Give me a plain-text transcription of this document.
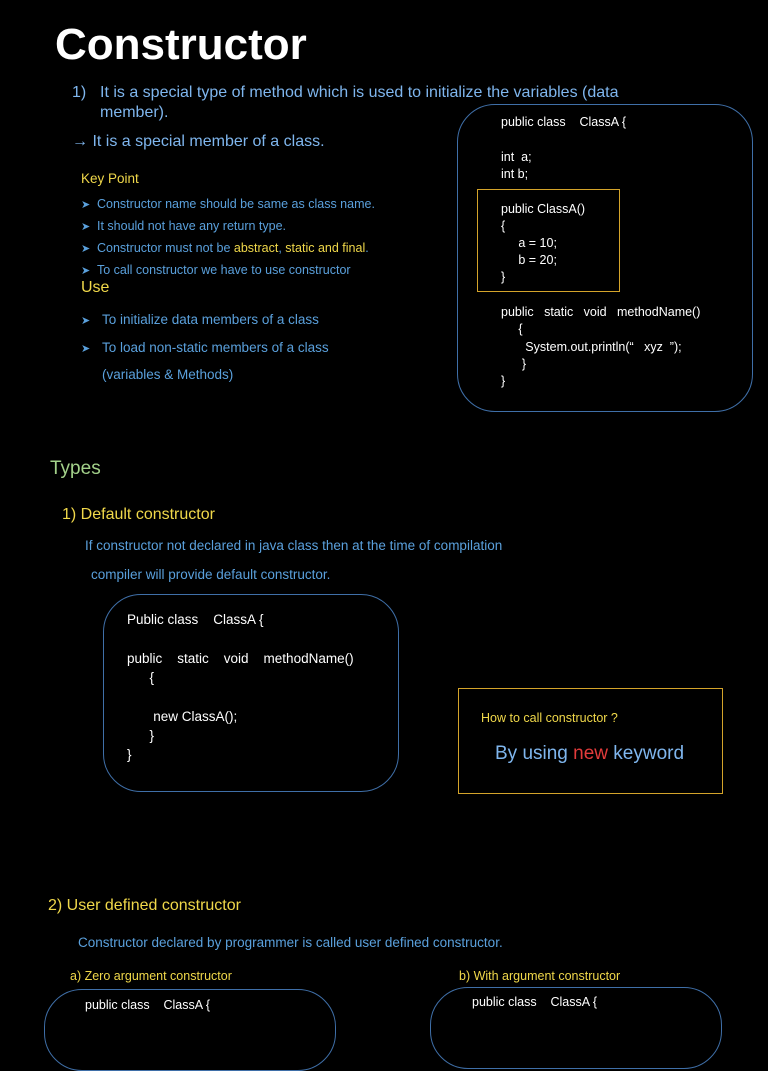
Constructor
1) It is a special type of method which is used to initialize the variables (data
member).
→ It is a special member of a class.
Key Point
➤ Constructor name should be same as class name.
➤ It should not have any return type.
➤ Constructor must not be abstract, static and final.
➤ To call constructor we have to use constructor
Use
➤ To initialize data members of a class
➤ To load non-static members of a class
(variables & Methods)
public class    ClassA {
int  a;
int b;
public ClassA()
{
a = 10;
b = 20;
}
public   static   void   methodName()
{
System.out.println(“   xyz  ”);
}
}
Types
1) Default constructor
If constructor not declared in java class then at the time of compilation
compiler will provide default constructor.
Public class    ClassA {
public    static    void    methodName()
{
new ClassA();
}
}
How to call constructor ?
By using new keyword
2) User defined constructor
Constructor declared by programmer is called user defined constructor.
a) Zero argument constructor	b) With argument constructor
public class    ClassA {	public class    ClassA {
